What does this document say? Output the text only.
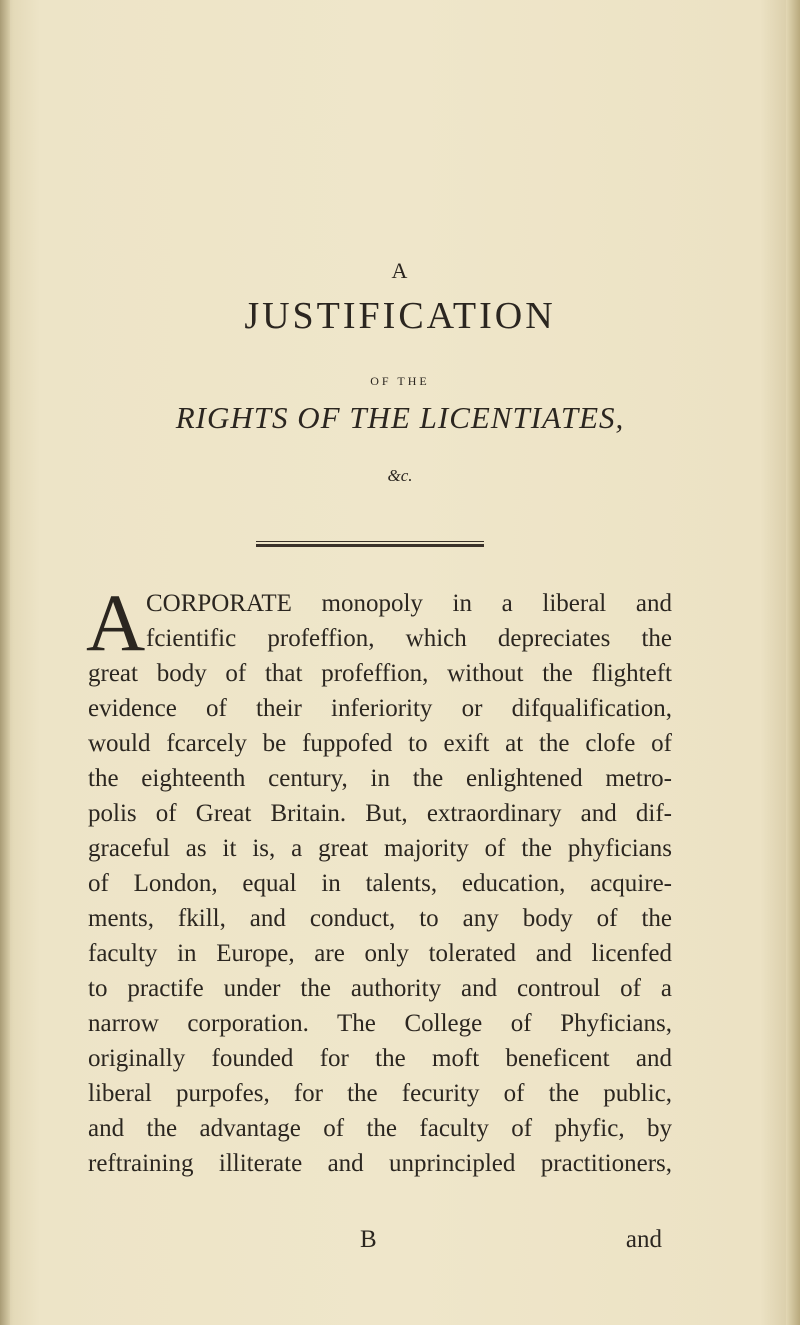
A
JUSTIFICATION
OF THE
RIGHTS OF THE LICENTIATES,
&c.
A CORPORATE monopoly in a liberal and
fcientific profeffion, which depreciates the
great body of that profeffion, without the flighteft
evidence of their inferiority or difqualification,
would fcarcely be fuppofed to exift at the clofe of
the eighteenth century, in the enlightened metro-
polis of Great Britain. But, extraordinary and dif-
graceful as it is, a great majority of the phyficians
of London, equal in talents, education, acquire-
ments, fkill, and conduct, to any body of the
faculty in Europe, are only tolerated and licenfed
to practife under the authority and controul of a
narrow corporation. The College of Phyficians,
originally founded for the moft beneficent and
liberal purpofes, for the fecurity of the public,
and the advantage of the faculty of phyfic, by
reftraining illiterate and unprincipled practitioners,
B	and
